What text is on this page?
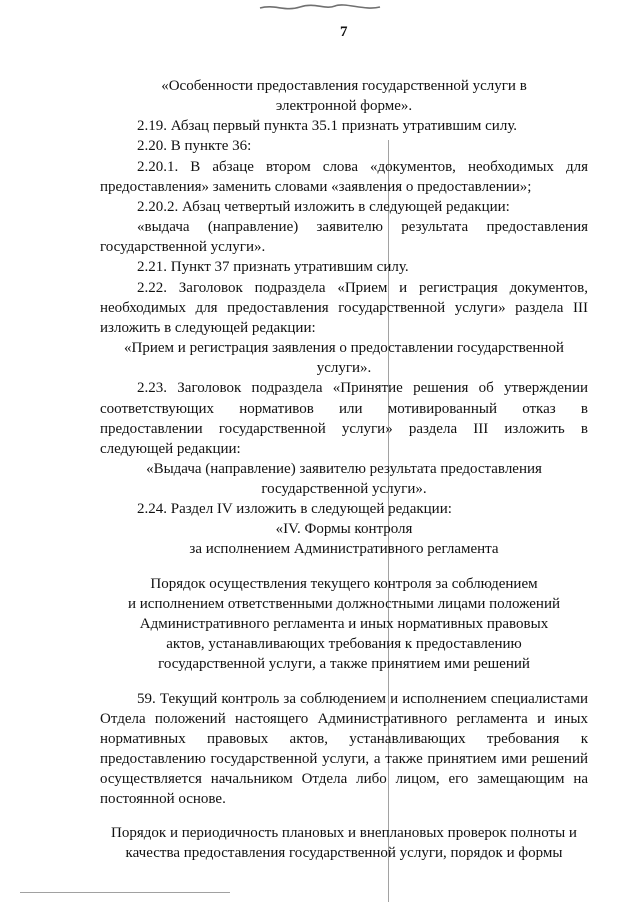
7
«Особенности предоставления государственной услуги в
электронной форме».
2.19. Абзац первый пункта 35.1 признать утратившим силу.
2.20. В пункте 36:
2.20.1. В абзаце втором слова «документов, необходимых для
предоставления» заменить словами «заявления о предоставлении»;
2.20.2. Абзац четвертый изложить в следующей редакции:
«выдача (направление) заявителю результата предоставления
государственной услуги».
2.21. Пункт 37 признать утратившим силу.
2.22. Заголовок подраздела «Прием и регистрация документов,
необходимых для предоставления государственной услуги» раздела III
изложить в следующей редакции:
«Прием и регистрация заявления о предоставлении государственной
услуги».
2.23. Заголовок подраздела «Принятие решения об утверждении
соответствующих нормативов или мотивированный отказ в
предоставлении государственной услуги» раздела III изложить в
следующей редакции:
«Выдача (направление) заявителю результата предоставления
государственной услуги».
2.24. Раздел IV изложить в следующей редакции:
«IV. Формы контроля
за исполнением Административного регламента
Порядок осуществления текущего контроля за соблюдением
и исполнением ответственными должностными лицами положений
Административного регламента и иных нормативных правовых
актов, устанавливающих требования к предоставлению
государственной услуги, а также принятием ими решений
59. Текущий контроль за соблюдением и исполнением специалистами
Отдела положений настоящего Административного регламента и иных
нормативных правовых актов, устанавливающих требования к
предоставлению государственной услуги, а также принятием ими решений
осуществляется начальником Отдела либо лицом, его замещающим на
постоянной основе.
Порядок и периодичность плановых и внеплановых проверок полноты и
качества предоставления государственной услуги, порядок и формы
